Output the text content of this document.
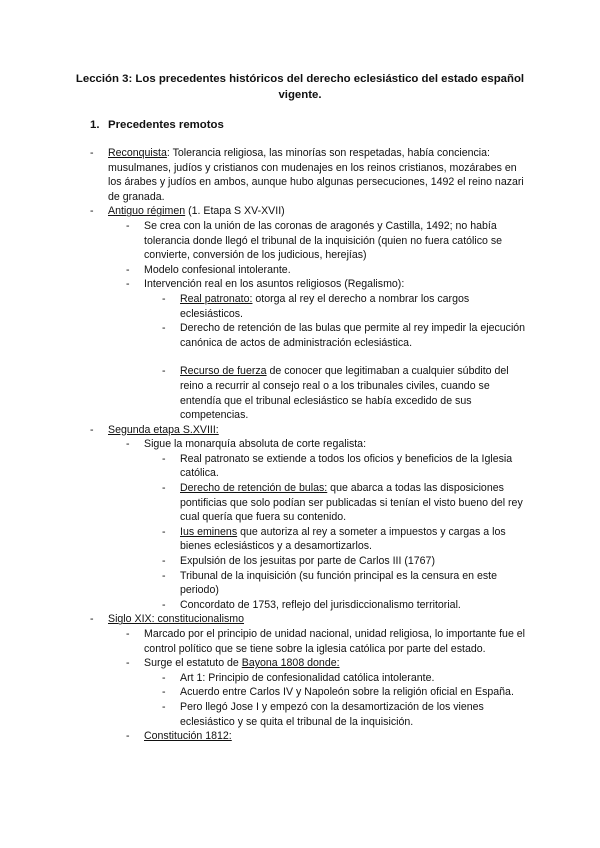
Lección 3: Los precedentes históricos del derecho eclesiástico del estado español vigente.
1. Precedentes remotos
- Reconquista: Tolerancia religiosa, las minorías son respetadas, había conciencia: musulmanes, judíos y cristianos con mudenajes en los reinos cristianos, mozárabes en los árabes y judíos en ambos, aunque hubo algunas persecuciones, 1492 el reino nazari de granada.
- Antiguo régimen (1. Etapa S XV-XVII)
- Se crea con la unión de las coronas de aragonés y Castilla, 1492; no había tolerancia donde llegó el tribunal de la inquisición (quien no fuera católico se convierte, conversión de los judicious, herejías)
- Modelo confesional intolerante.
- Intervención real en los asuntos religiosos (Regalismo):
- Real patronato: otorga al rey el derecho a nombrar los cargos eclesiásticos.
- Derecho de retención de las bulas que permite al rey impedir la ejecución canónica de actos de administración eclesiástica.
- Recurso de fuerza de conocer que legitimaban a cualquier súbdito del reino a recurrir al consejo real o a los tribunales civiles, cuando se entendía que el tribunal eclesiástico se había excedido de sus competencias.
- Segunda etapa S.XVIII:
- Sigue la monarquía absoluta de corte regalista:
- Real patronato se extiende a todos los oficios y beneficios de la Iglesia católica.
- Derecho de retención de bulas: que abarca a todas las disposiciones pontificias que solo podían ser publicadas si tenían el visto bueno del rey cual quería que fuera su contenido.
- Ius eminens que autoriza al rey a someter a impuestos y cargas a los bienes eclesiásticos y a desamortizarlos.
- Expulsión de los jesuitas por parte de Carlos III (1767)
- Tribunal de la inquisición (su función principal es la censura en este periodo)
- Concordato de 1753, reflejo del jurisdiccionalismo territorial.
- Siglo XIX: constitucionalismo
- Marcado por el principio de unidad nacional, unidad religiosa, lo importante fue el control político que se tiene sobre la iglesia católica por parte del estado.
- Surge el estatuto de Bayona 1808 donde:
- Art 1: Principio de confesionalidad católica intolerante.
- Acuerdo entre Carlos IV y Napoleón sobre la religión oficial en España.
- Pero llegó Jose I y empezó con la desamortización de los vienes eclesiástico y se quita el tribunal de la inquisición.
- Constitución 1812:
